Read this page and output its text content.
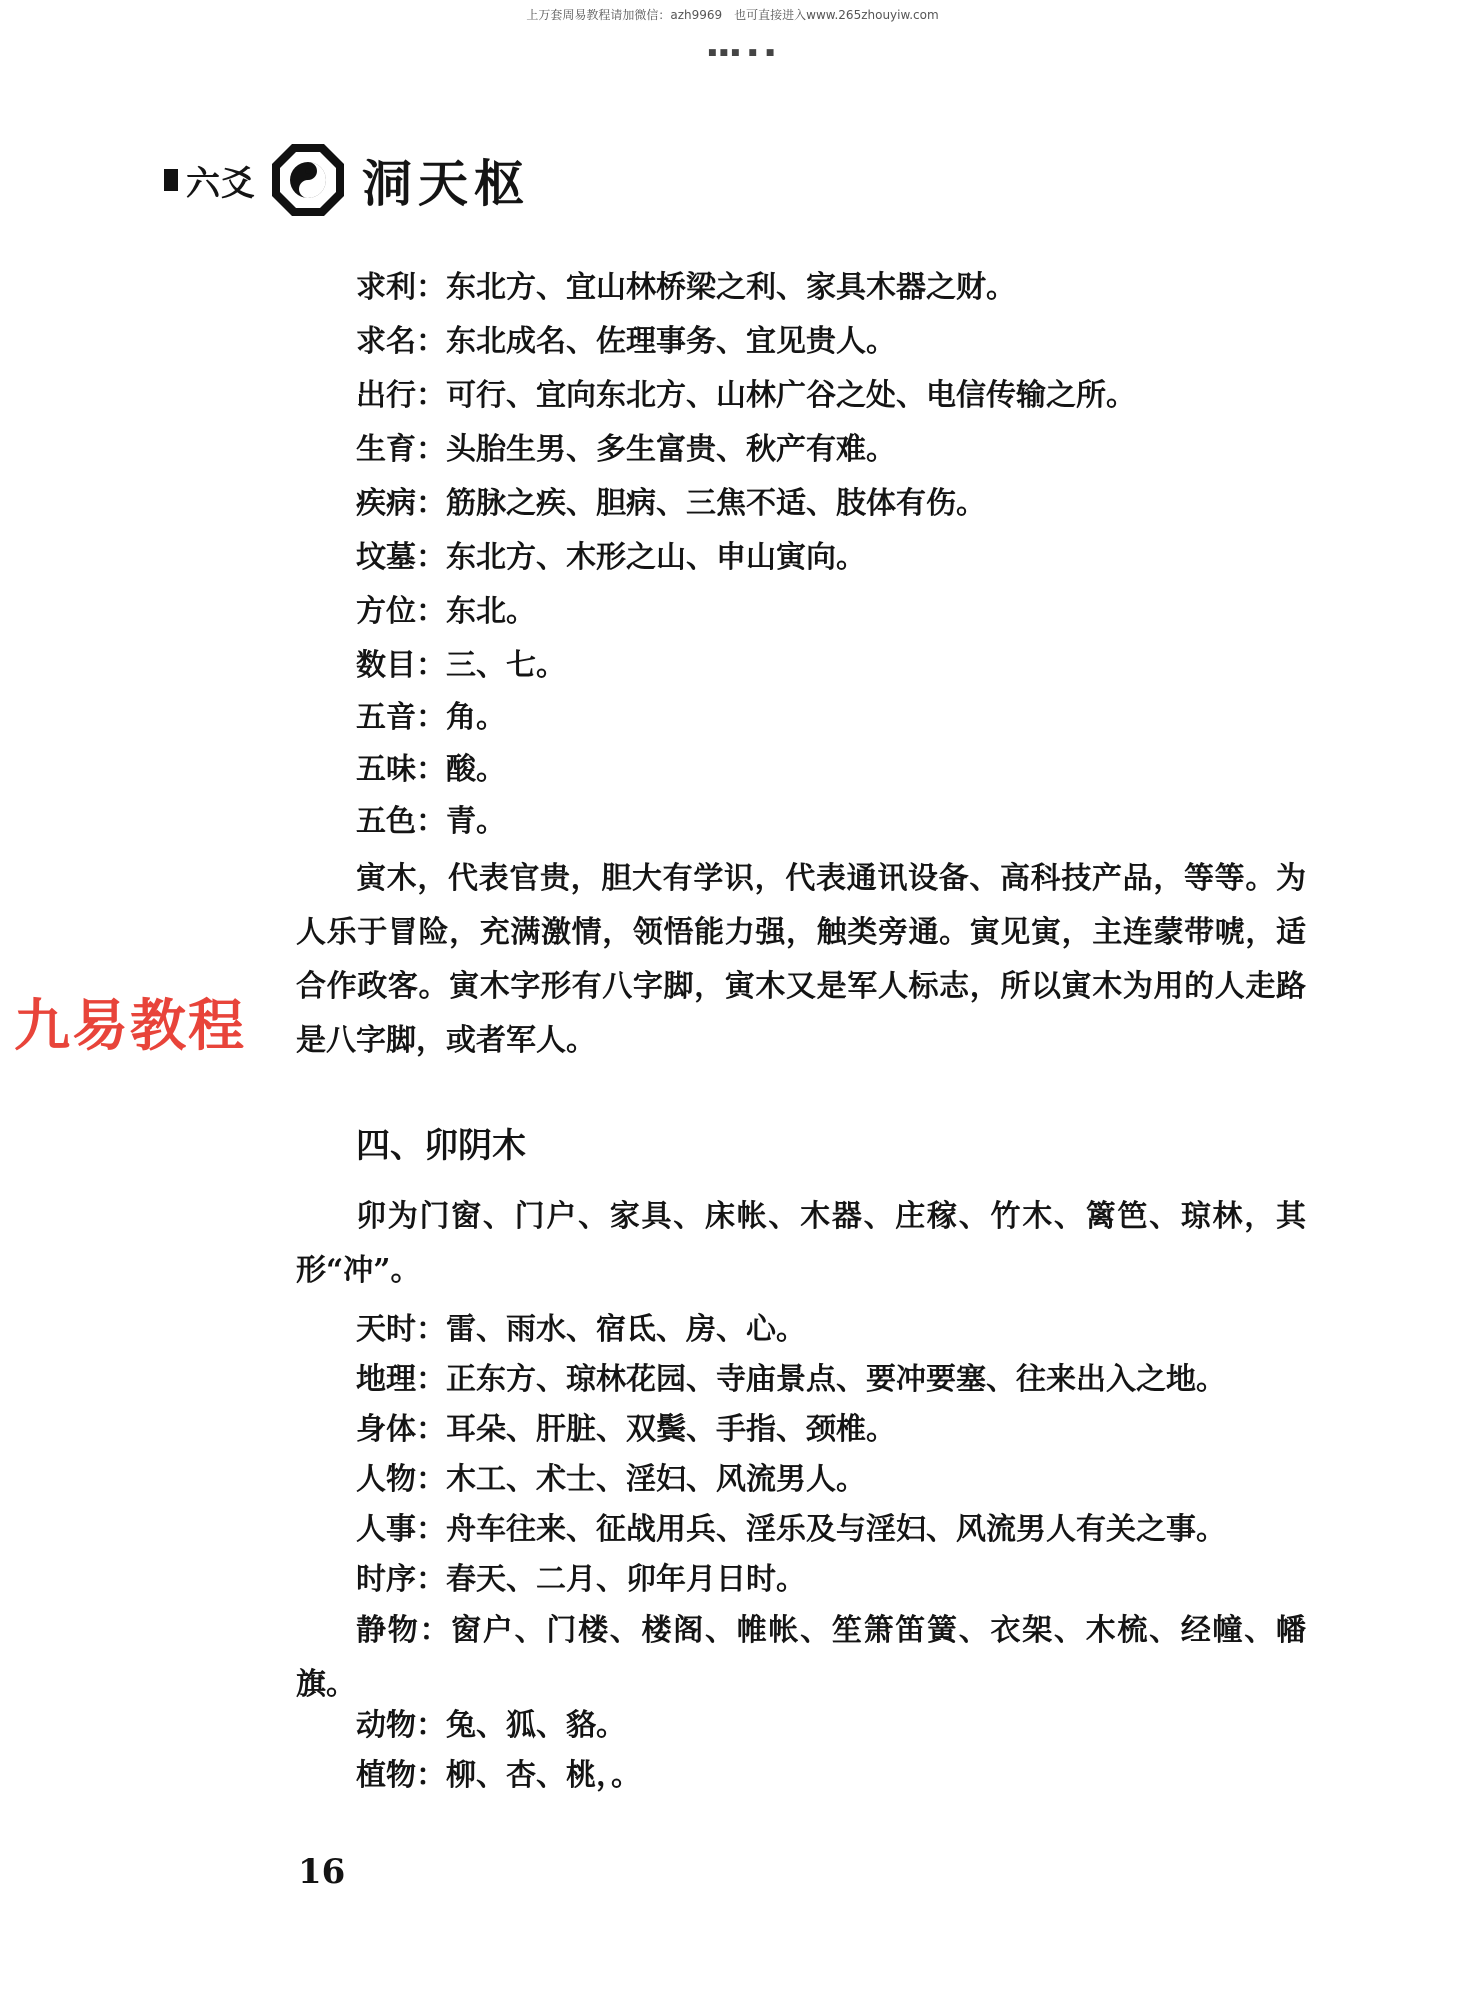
上万套周易教程请加微信：azh9969　也可直接进入www.265zhouyiw.com
■■■ ■ ■
六爻 洞天枢
求利：东北方、宜山林桥梁之利、家具木器之财。
求名：东北成名、佐理事务、宜见贵人。
出行：可行、宜向东北方、山林广谷之处、电信传输之所。
生育：头胎生男、多生富贵、秋产有难。
疾病：筋脉之疾、胆病、三焦不适、肢体有伤。
坟墓：东北方、木形之山、申山寅向。
方位：东北。
数目：三、七。
五音：角。
五味：酸。
五色：青。
寅木，代表官贵，胆大有学识，代表通讯设备、高科技产品，等等。为人乐于冒险，充满激情，领悟能力强，触类旁通。寅见寅，主连蒙带唬，适合作政客。寅木字形有八字脚，寅木又是军人标志，所以寅木为用的人走路是八字脚，或者军人。
四、卯阴木
卯为门窗、门户、家具、床帐、木器、庄稼、竹木、篱笆、琼林，其形“冲”。
天时：雷、雨水、宿氐、房、心。
地理：正东方、琼林花园、寺庙景点、要冲要塞、往来出入之地。
身体：耳朵、肝脏、双鬓、手指、颈椎。
人物：木工、术士、淫妇、风流男人。
人事：舟车往来、征战用兵、淫乐及与淫妇、风流男人有关之事。
时序：春天、二月、卯年月日时。
静物：窗户、门楼、楼阁、帷帐、笙箫笛簧、衣架、木梳、经幢、幡旗。
动物：兔、狐、貉。
植物：柳、杏、桃，。
九易教程
16
